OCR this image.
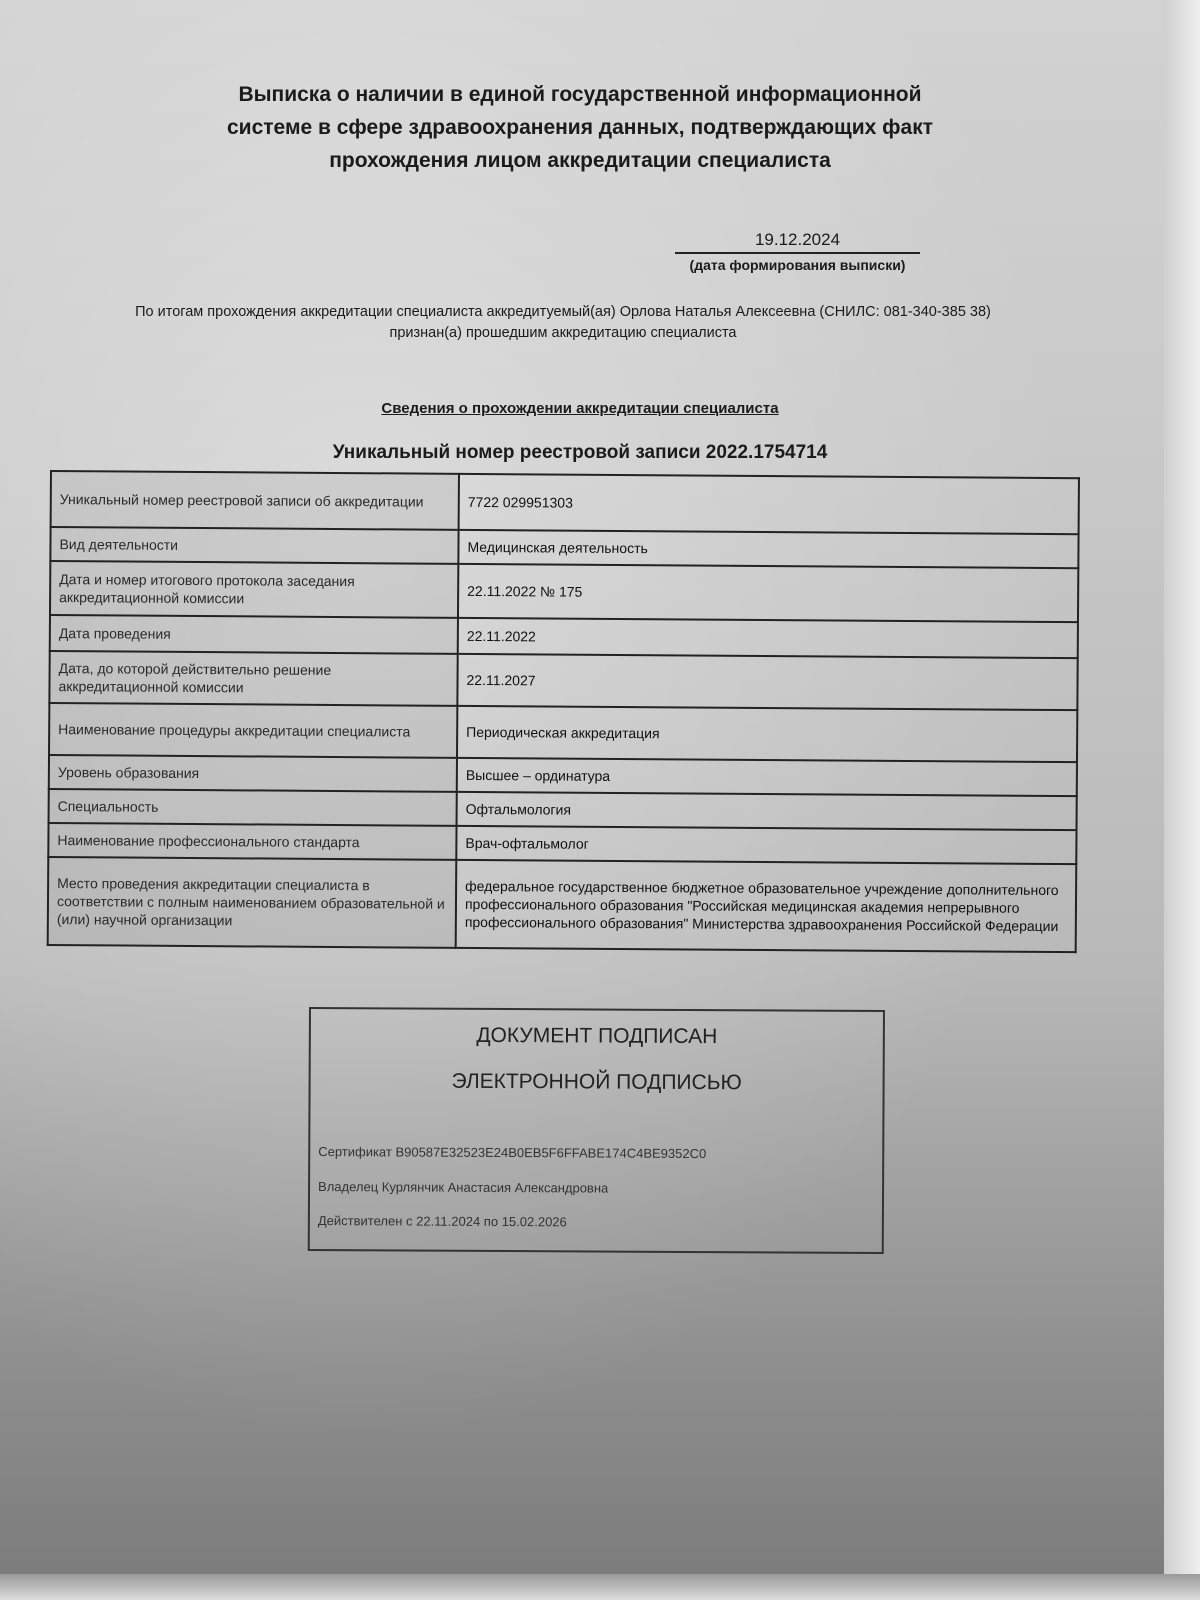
Выписка о наличии в единой государственной информационной
системе в сфере здравоохранения данных, подтверждающих факт
прохождения лицом аккредитации специалиста
19.12.2024
(дата формирования выписки)
По итогам прохождения аккредитации специалиста аккредитуемый(ая) Орлова Наталья Алексеевна (СНИЛС: 081-340-385 38)
признан(а) прошедшим аккредитацию специалиста
Сведения о прохождении аккредитации специалиста
Уникальный номер реестровой записи 2022.1754714
Уникальный номер реестровой записи об аккредитации	7722 029951303
Вид деятельности	Медицинская деятельность
Дата и номер итогового протокола заседания аккредитационной комиссии	22.11.2022 № 175
Дата проведения	22.11.2022
Дата, до которой действительно решение аккредитационной комиссии	22.11.2027
Наименование процедуры аккредитации специалиста	Периодическая аккредитация
Уровень образования	Высшее – ординатура
Специальность	Офтальмология
Наименование профессионального стандарта	Врач-офтальмолог
Место проведения аккредитации специалиста в соответствии с полным наименованием образовательной и (или) научной организации	федеральное государственное бюджетное образовательное учреждение дополнительного профессионального образования "Российская медицинская академия непрерывного профессионального образования" Министерства здравоохранения Российской Федерации
ДОКУМЕНТ ПОДПИСАН
ЭЛЕКТРОННОЙ ПОДПИСЬЮ
Сертификат B90587E32523E24B0EB5F6FFABE174C4BE9352C0
Владелец Курлянчик Анастасия Александровна
Действителен с 22.11.2024 по 15.02.2026
